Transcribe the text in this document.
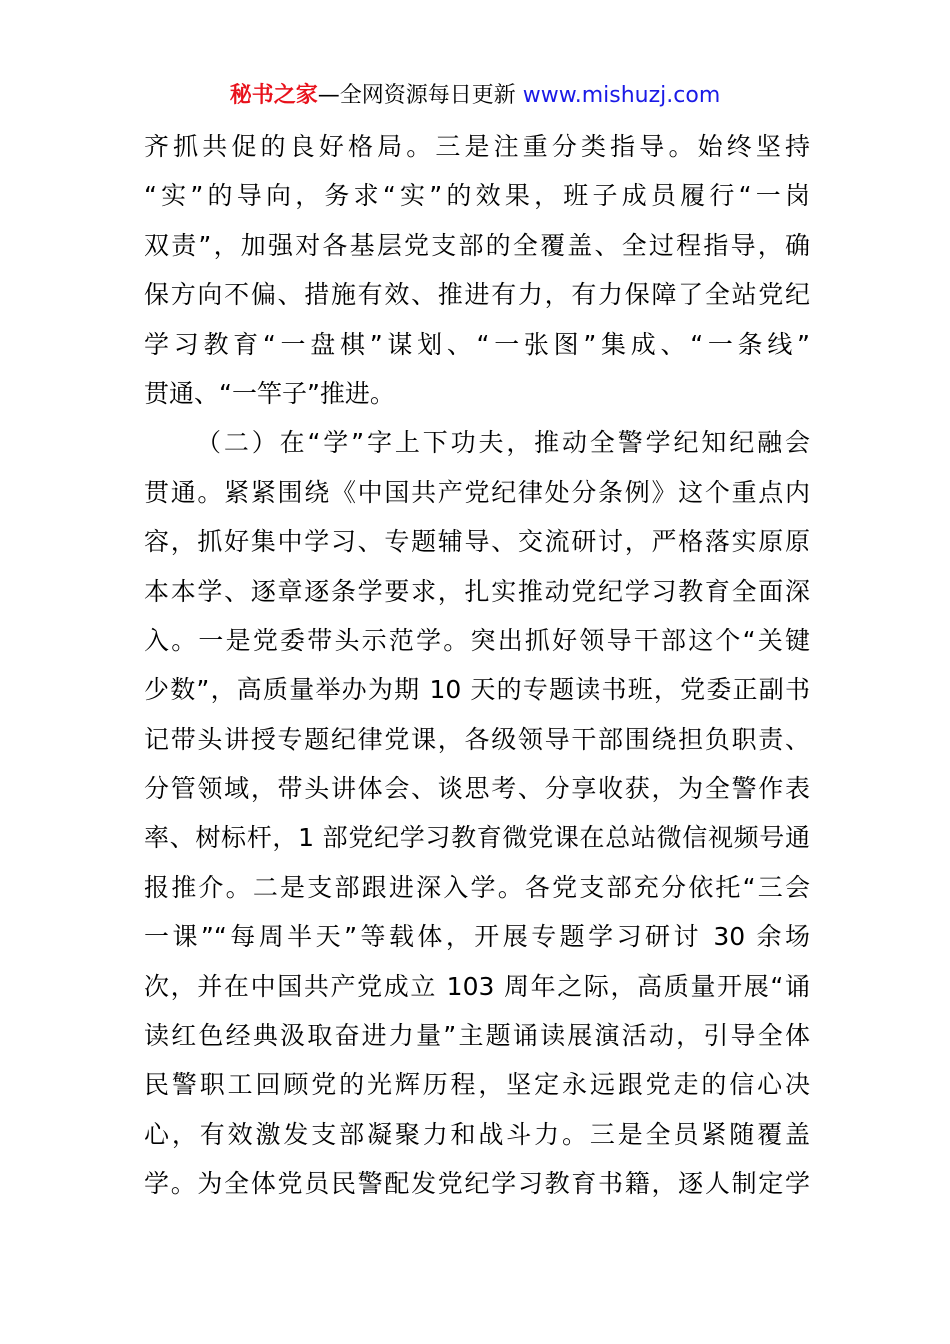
秘书之家—全网资源每日更新 www.mishuzj.com
齐抓共促的良好格局。三是注重分类指导。始终坚持
“实”的导向，务求“实”的效果，班子成员履行“一岗
双责”，加强对各基层党支部的全覆盖、全过程指导，确
保方向不偏、措施有效、推进有力，有力保障了全站党纪
学习教育“一盘棋”谋划、“一张图”集成、“一条线”
贯通、“一竿子”推进。
（二）在“学”字上下功夫，推动全警学纪知纪融会
贯通。紧紧围绕《中国共产党纪律处分条例》这个重点内
容，抓好集中学习、专题辅导、交流研讨，严格落实原原
本本学、逐章逐条学要求，扎实推动党纪学习教育全面深
入。一是党委带头示范学。突出抓好领导干部这个“关键
少数”，高质量举办为期 10 天的专题读书班，党委正副书
记带头讲授专题纪律党课，各级领导干部围绕担负职责、
分管领域，带头讲体会、谈思考、分享收获，为全警作表
率、树标杆，1 部党纪学习教育微党课在总站微信视频号通
报推介。二是支部跟进深入学。各党支部充分依托“三会
一课”“每周半天”等载体，开展专题学习研讨 30 余场
次，并在中国共产党成立 103 周年之际，高质量开展“诵
读红色经典汲取奋进力量”主题诵读展演活动，引导全体
民警职工回顾党的光辉历程，坚定永远跟党走的信心决
心，有效激发支部凝聚力和战斗力。三是全员紧随覆盖
学。为全体党员民警配发党纪学习教育书籍，逐人制定学
